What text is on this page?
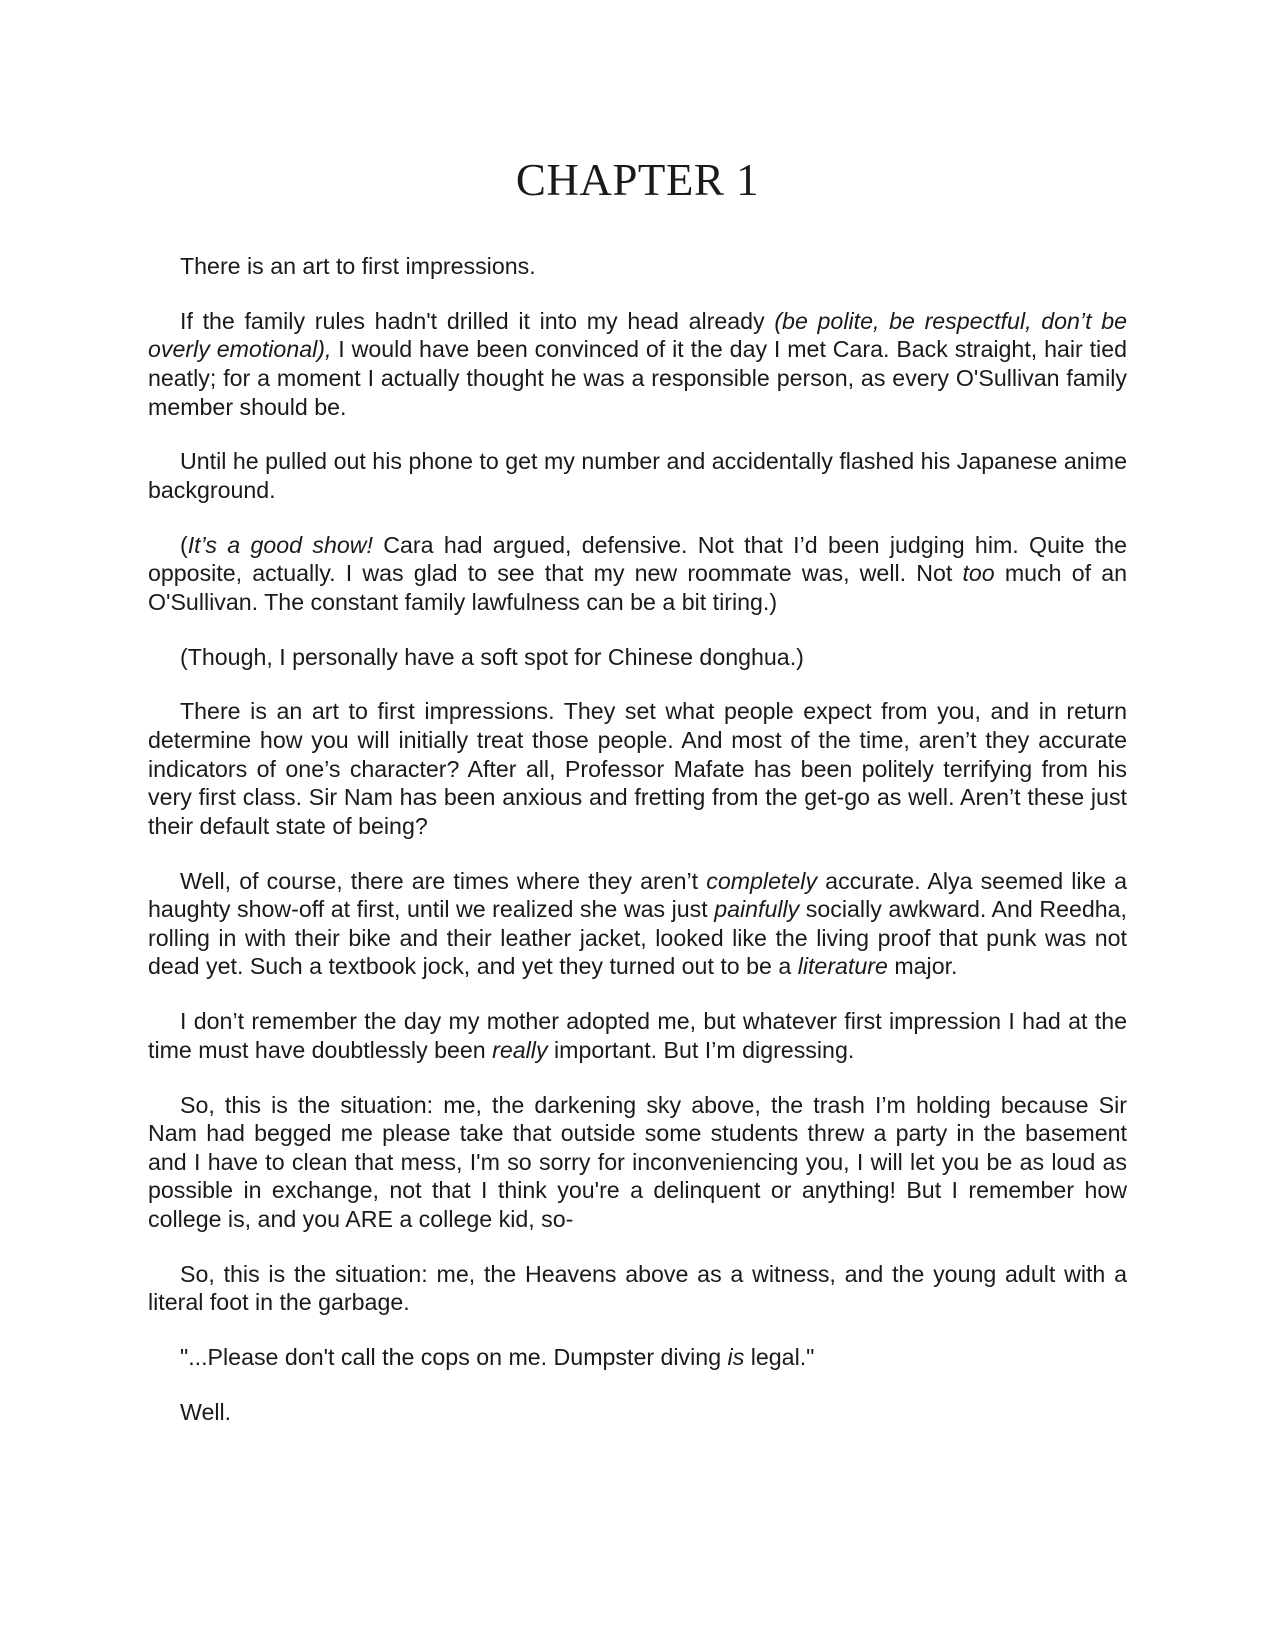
CHAPTER 1

There is an art to first impressions.

If the family rules hadn't drilled it into my head already (be polite, be respectful, don’t be overly emotional), I would have been convinced of it the day I met Cara. Back straight, hair tied neatly; for a moment I actually thought he was a responsible person, as every O'Sullivan family member should be.

Until he pulled out his phone to get my number and accidentally flashed his Japanese anime background.

(It’s a good show! Cara had argued, defensive. Not that I’d been judging him. Quite the opposite, actually. I was glad to see that my new roommate was, well. Not too much of an O'Sullivan. The constant family lawfulness can be a bit tiring.)

(Though, I personally have a soft spot for Chinese donghua.)

There is an art to first impressions. They set what people expect from you, and in return determine how you will initially treat those people. And most of the time, aren’t they accurate indicators of one’s character? After all, Professor Mafate has been politely terrifying from his very first class. Sir Nam has been anxious and fretting from the get-go as well. Aren’t these just their default state of being?

Well, of course, there are times where they aren’t completely accurate. Alya seemed like a haughty show-off at first, until we realized she was just painfully socially awkward. And Reedha, rolling in with their bike and their leather jacket, looked like the living proof that punk was not dead yet. Such a textbook jock, and yet they turned out to be a literature major.

I don’t remember the day my mother adopted me, but whatever first impression I had at the time must have doubtlessly been really important. But I’m digressing.

So, this is the situation: me, the darkening sky above, the trash I’m holding because Sir Nam had begged me please take that outside some students threw a party in the basement and I have to clean that mess, I'm so sorry for inconveniencing you, I will let you be as loud as possible in exchange, not that I think you're a delinquent or anything! But I remember how college is, and you ARE a college kid, so-

So, this is the situation: me, the Heavens above as a witness, and the young adult with a literal foot in the garbage.

"...Please don't call the cops on me. Dumpster diving is legal."

Well.
